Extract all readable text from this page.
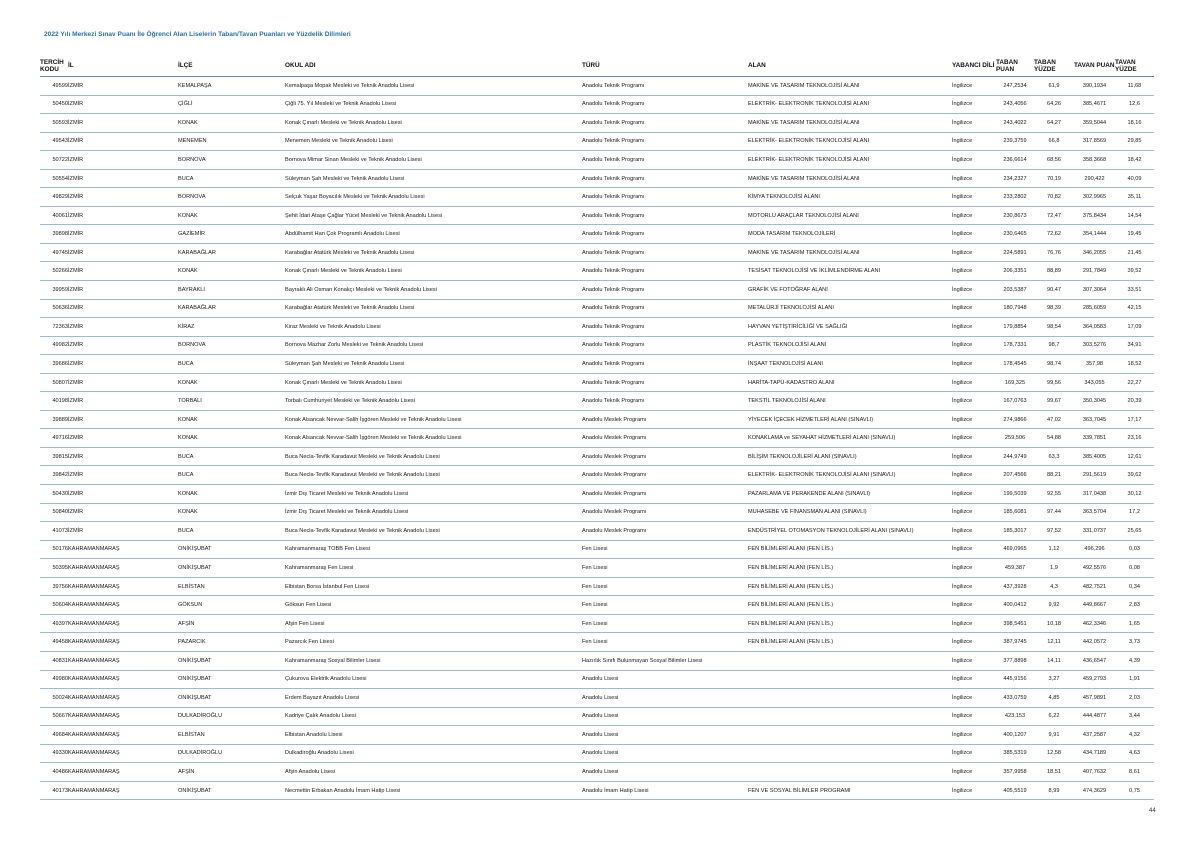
2022 Yılı Merkezi Sınav Puanı İle Öğrenci Alan Liselerin Taban/Tavan Puanları ve Yüzdelik Dilimleri
TERCİH KODU	İL	İLÇE	OKUL ADI	TÜRÜ	ALAN	YABANCI DİLİ	TABAN PUAN	TABAN YÜZDE	TAVAN PUAN	TAVAN YÜZDE
49599	İZMİR	KEMALPAŞA	Kemalpaşa Mopak Mesleki ve Teknik Anadolu Lisesi	Anadolu Teknik Programı	MAKİNE VE TASARIM TEKNOLOJİSİ ALANI	İngilizce	247,2534	61,9	390,1934	11,68
50450	İZMİR	ÇİĞLİ	Çiğli 75. Yıl Mesleki ve Teknik Anadolu Lisesi	Anadolu Teknik Programı	ELEKTRİK- ELEKTRONİK TEKNOLOJİSİ ALANI	İngilizce	243,4056	64,26	385,4671	12,6
50593	İZMİR	KONAK	Konak Çınarlı Mesleki ve Teknik Anadolu Lisesi	Anadolu Teknik Programı	MAKİNE VE TASARIM TEKNOLOJİSİ ALANI	İngilizce	243,4022	64,27	359,5044	18,16
49543	İZMİR	MENEMEN	Menemen Mesleki ve Teknik Anadolu Lisesi	Anadolu Teknik Programı	ELEKTRİK- ELEKTRONİK TEKNOLOJİSİ ALANI	İngilizce	239,3759	66,8	317,8569	29,85
50722	İZMİR	BORNOVA	Bornova Mimar Sinan Mesleki ve Teknik Anadolu Lisesi	Anadolu Teknik Programı	ELEKTRİK- ELEKTRONİK TEKNOLOJİSİ ALANI	İngilizce	236,6614	68,56	358,3668	18,42
50554	İZMİR	BUCA	Süleyman Şah Mesleki ve Teknik Anadolu Lisesi	Anadolu Teknik Programı	MAKİNE VE TASARIM TEKNOLOJİSİ ALANI	İngilizce	234,2327	70,19	290,422	40,09
49829	İZMİR	BORNOVA	Selçuk Yaşar Boyacılık Mesleki ve Teknik Anadolu Lisesi	Anadolu Teknik Programı	KİMYA TEKNOLOJİSİ ALANI	İngilizce	233,2802	70,82	302,9965	35,11
40061	İZMİR	KONAK	Şehit İdari Ataşe Çağlar Yücel Mesleki ve Teknik Anadolu Lisesi	Anadolu Teknik Programı	MOTORLU ARAÇLAR TEKNOLOJİSİ ALANI	İngilizce	230,8673	72,47	375,8434	14,54
39898	İZMİR	GAZİEMİR	Abdülhamit Han Çok Programlı Anadolu Lisesi	Anadolu Teknik Programı	MODA TASARIM TEKNOLOJİLERİ	İngilizce	230,6465	72,62	354,1444	19,45
49745	İZMİR	KARABAĞLAR	Karabağlar Atatürk Mesleki ve Teknik Anadolu Lisesi	Anadolu Teknik Programı	MAKİNE VE TASARIM TEKNOLOJİSİ ALANI	İngilizce	224,5891	76,76	346,2055	21,45
50266	İZMİR	KONAK	Konak Çınarlı Mesleki ve Teknik Anadolu Lisesi	Anadolu Teknik Programı	TESİSAT TEKNOLOJİSİ VE İKLİMLENDİRME ALANI	İngilizce	206,3351	88,89	291,7849	39,52
39959	İZMİR	BAYRAKLI	Bayraklı Ali Osman Konakçı Mesleki ve Teknik Anadolu Lisesi	Anadolu Teknik Programı	GRAFİK VE FOTOĞRAF ALANI	İngilizce	203,5387	90,47	307,3064	33,51
50636	İZMİR	KARABAĞLAR	Karabağlar Atatürk Mesleki ve Teknik Anadolu Lisesi	Anadolu Teknik Programı	METALÜRJİ TEKNOLOJİSİ ALANI	İngilizce	180,7948	98,39	285,6059	42,15
72363	İZMİR	KİRAZ	Kiraz Mesleki ve Teknik Anadolu Lisesi	Anadolu Teknik Programı	HAYVAN YETİŞTİRİCİLİĞİ VE SAĞLIĞI	İngilizce	179,8854	98,54	364,0583	17,09
49982	İZMİR	BORNOVA	Bornova Mazhar Zorlu Mesleki ve Teknik Anadolu Lisesi	Anadolu Teknik Programı	PLASTİK TEKNOLOJİSİ ALANI	İngilizce	178,7331	98,7	303,5276	34,91
39686	İZMİR	BUCA	Süleyman Şah Mesleki ve Teknik Anadolu Lisesi	Anadolu Teknik Programı	İNŞAAT TEKNOLOJİSİ ALANI	İngilizce	178,4545	98,74	357,98	18,52
50807	İZMİR	KONAK	Konak Çınarlı Mesleki ve Teknik Anadolu Lisesi	Anadolu Teknik Programı	HARİTA-TAPU-KADASTRO ALANI	İngilizce	169,325	99,56	343,055	22,27
40198	İZMİR	TORBALI	Torbalı Cumhuriyet Mesleki ve Teknik Anadolu Lisesi	Anadolu Teknik Programı	TEKSTİL TEKNOLOJİSİ ALANI	İngilizce	167,0763	99,67	350,3045	20,39
39889	İZMİR	KONAK	Konak Alsancak Nevvar-Salih İşgören Mesleki ve Teknik Anadolu Lisesi	Anadolu Meslek Programı	YİYECEK İÇECEK HİZMETLERİ ALANI (SINAVLI)	İngilizce	274,9866	47,02	363,7045	17,17
49716	İZMİR	KONAK	Konak Alsancak Nevvar-Salih İşgören Mesleki ve Teknik Anadolu Lisesi	Anadolu Meslek Programı	KONAKLAMA ve SEYAHAT HİZMETLERİ ALANI (SINAVLI)	İngilizce	259,506	54,88	339,7851	23,16
39815	İZMİR	BUCA	Buca Necla-Tevfik Karadavut Mesleki ve Teknik Anadolu Lisesi	Anadolu Meslek Programı	BİLİŞİM TEKNOLOJİLERİ ALANI (SINAVLI)	İngilizce	244,9749	63,3	385,4005	12,61
39842	İZMİR	BUCA	Buca Necla-Tevfik Karadavut Mesleki ve Teknik Anadolu Lisesi	Anadolu Meslek Programı	ELEKTRİK- ELEKTRONİK TEKNOLOJİSİ ALANI (SINAVLI)	İngilizce	207,4566	88,21	291,5619	39,62
50430	İZMİR	KONAK	İzmir Dış Ticaret Mesleki ve Teknik Anadolu Lisesi	Anadolu Meslek Programı	PAZARLAMA VE PERAKENDE ALANI (SINAVLI)	İngilizce	199,5039	92,55	317,0438	30,12
50840	İZMİR	KONAK	İzmir Dış Ticaret Mesleki ve Teknik Anadolu Lisesi	Anadolu Meslek Programı	MUHASEBE VE FİNANSMAN ALANI (SINAVLI)	İngilizce	185,6081	97,44	363,5704	17,2
41073	İZMİR	BUCA	Buca Necla-Tevfik Karadavut Mesleki ve Teknik Anadolu Lisesi	Anadolu Meslek Programı	ENDÜSTRİYEL OTOMASYON TEKNOLOJİLERİ ALANI (SINAVLI)	İngilizce	185,3017	97,52	331,0737	25,65
50176	KAHRAMANMARAŞ	ONİKİŞUBAT	Kahramanmaraş TOBB Fen Lisesi	Fen Lisesi	FEN BİLİMLERİ ALANI (FEN LİS.)	İngilizce	469,0965	1,12	496,296	0,03
50395	KAHRAMANMARAŞ	ONİKİŞUBAT	Kahramanmaraş Fen Lisesi	Fen Lisesi	FEN BİLİMLERİ ALANI (FEN LİS.)	İngilizce	459,387	1,9	492,5576	0,08
39756	KAHRAMANMARAŞ	ELBİSTAN	Elbistan Borsa İstanbul Fen Lisesi	Fen Lisesi	FEN BİLİMLERİ ALANI (FEN LİS.)	İngilizce	437,3928	4,3	482,7521	0,34
50604	KAHRAMANMARAŞ	GÖKSUN	Göksun Fen Lisesi	Fen Lisesi	FEN BİLİMLERİ ALANI (FEN LİS.)	İngilizce	400,0412	9,92	449,8667	2,83
49397	KAHRAMANMARAŞ	AFŞİN	Afşin Fen Lisesi	Fen Lisesi	FEN BİLİMLERİ ALANI (FEN LİS.)	İngilizce	398,5451	10,18	462,3346	1,65
49458	KAHRAMANMARAŞ	PAZARCIK	Pazarcık Fen Lisesi	Fen Lisesi	FEN BİLİMLERİ ALANI (FEN LİS.)	İngilizce	387,9745	12,11	442,0572	3,73
40831	KAHRAMANMARAŞ	ONİKİŞUBAT	Kahramanmaraş Sosyal Bilimler Lisesi	Hazırlık Sınıfı Bulunmayan Sosyal Bilimler Lisesi		İngilizce	377,8898	14,11	436,6547	4,39
49980	KAHRAMANMARAŞ	ONİKİŞUBAT	Çukurova Elektrik Anadolu Lisesi	Anadolu Lisesi		İngilizce	445,9156	3,27	459,2793	1,91
50024	KAHRAMANMARAŞ	ONİKİŞUBAT	Erdem Bayazıt Anadolu Lisesi	Anadolu Lisesi		İngilizce	433,0759	4,85	457,9891	2,03
50667	KAHRAMANMARAŞ	DULKADİROĞLU	Kadriye Çalık Anadolu Lisesi	Anadolu Lisesi		İngilizce	423,153	6,22	444,4877	3,44
49684	KAHRAMANMARAŞ	ELBİSTAN	Elbistan Anadolu Lisesi	Anadolu Lisesi		İngilizce	400,1207	9,91	437,2587	4,32
49330	KAHRAMANMARAŞ	DULKADİROĞLU	Dulkadiroğlu Anadolu Lisesi	Anadolu Lisesi		İngilizce	385,5319	12,58	434,7189	4,63
40486	KAHRAMANMARAŞ	AFŞİN	Afşin Anadolu Lisesi	Anadolu Lisesi		İngilizce	357,9958	18,51	407,7632	8,61
40173	KAHRAMANMARAŞ	ONİKİŞUBAT	Necmettin Erbakan Anadolu İmam Hatip Lisesi	Anadolu İmam Hatip Lisesi	FEN VE SOSYAL BİLİMLER PROGRAMI	İngilizce	405,5519	8,99	474,3629	0,75
44
